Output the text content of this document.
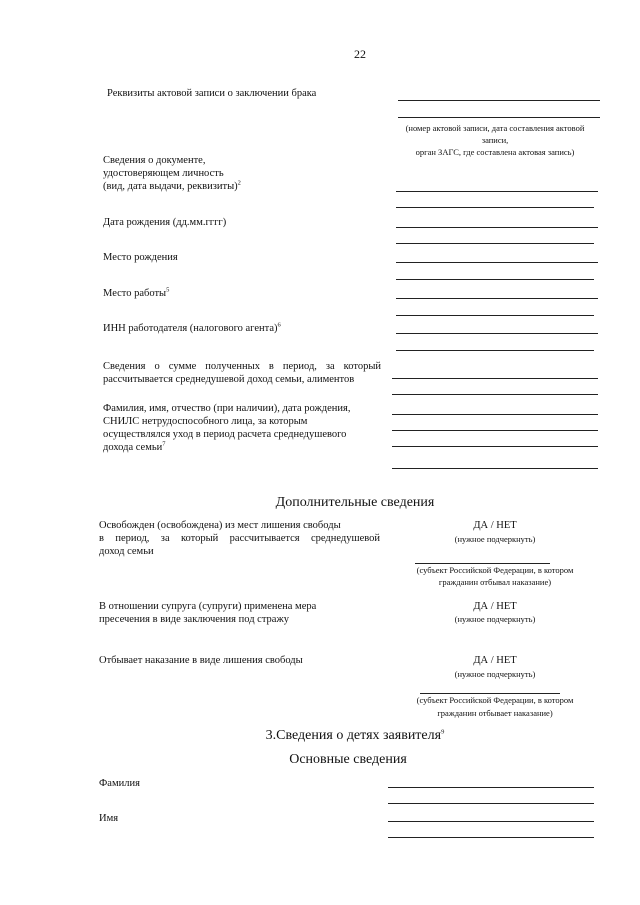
22
Реквизиты актовой записи о заключении брака
(номер актовой записи, дата составления актовой
записи,
орган ЗАГС, где составлена актовая запись)
Сведения о документе,
удостоверяющем личность
(вид, дата выдачи, реквизиты)$^2$
Дата рождения (дд.мм.гггг)
Место рождения
Место работы$^5$
ИНН работодателя (налогового агента)$^6$
Сведения о сумме полученных в период, за который
рассчитывается среднедушевой доход семьи, алиментов
Фамилия, имя, отчество (при наличии), дата рождения,
СНИЛС нетрудоспособного лица, за которым
осуществлялся уход в период расчета среднедушевого
дохода семьи$^7$
Дополнительные сведения
Освобожден (освобождена) из мест лишения свободы
в период, за который рассчитывается среднедушевой
доход семьи
ДА / НЕТ
(нужное подчеркнуть)
(субъект Российской Федерации, в котором
гражданин отбывал наказание)
В отношении супруга (супруги) применена мера
пресечения в виде заключения под стражу
ДА / НЕТ
(нужное подчеркнуть)
Отбывает наказание в виде лишения свободы	ДА / НЕТ
(нужное подчеркнуть)
(субъект Российской Федерации, в котором
гражданин отбывает наказание)
3.Сведения о детях заявителя$^9$
Основные сведения
Фамилия
Имя
